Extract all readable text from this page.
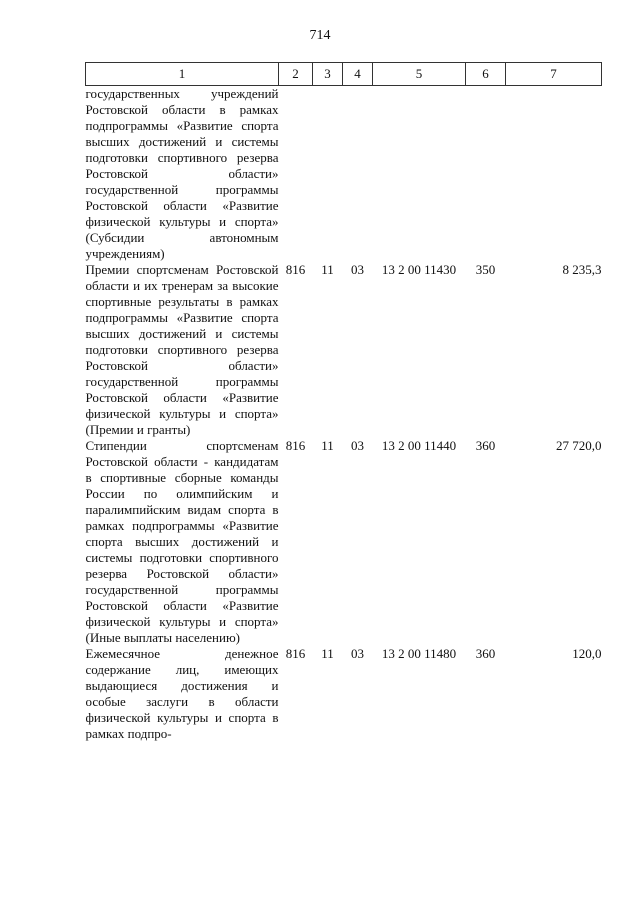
714
1	2	3	4	5	6	7
государственных учреждений Ростовской области в рамках подпрограммы «Развитие спорта высших достижений и системы подготовки спортивного резерва Ростовской области» государственной программы Ростовской области «Развитие физической культуры и спорта» (Субсидии автономным учреждениям)						
Премии спортсменам Ростовской области и их тренерам за высокие спортивные результаты в рамках подпрограммы «Развитие спорта высших достижений и системы подготовки спортивного резерва Ростовской области» государственной программы Ростовской области «Развитие физической культуры и спорта» (Премии и гранты)	816	11	03	13 2 00 11430	350	8 235,3
Стипендии спортсменам Ростовской области - кандидатам в спортивные сборные команды России по олимпийским и паралимпийским видам спорта в рамках подпрограммы «Развитие спорта высших достижений и системы подготовки спортивного резерва Ростовской области» государственной программы Ростовской области «Развитие физической культуры и спорта» (Иные выплаты населению)	816	11	03	13 2 00 11440	360	27 720,0
Ежемесячное денежное содержание лиц, имеющих выдающиеся достижения и особые заслуги в области физической культуры и спорта в рамках подпро-	816	11	03	13 2 00 11480	360	120,0
